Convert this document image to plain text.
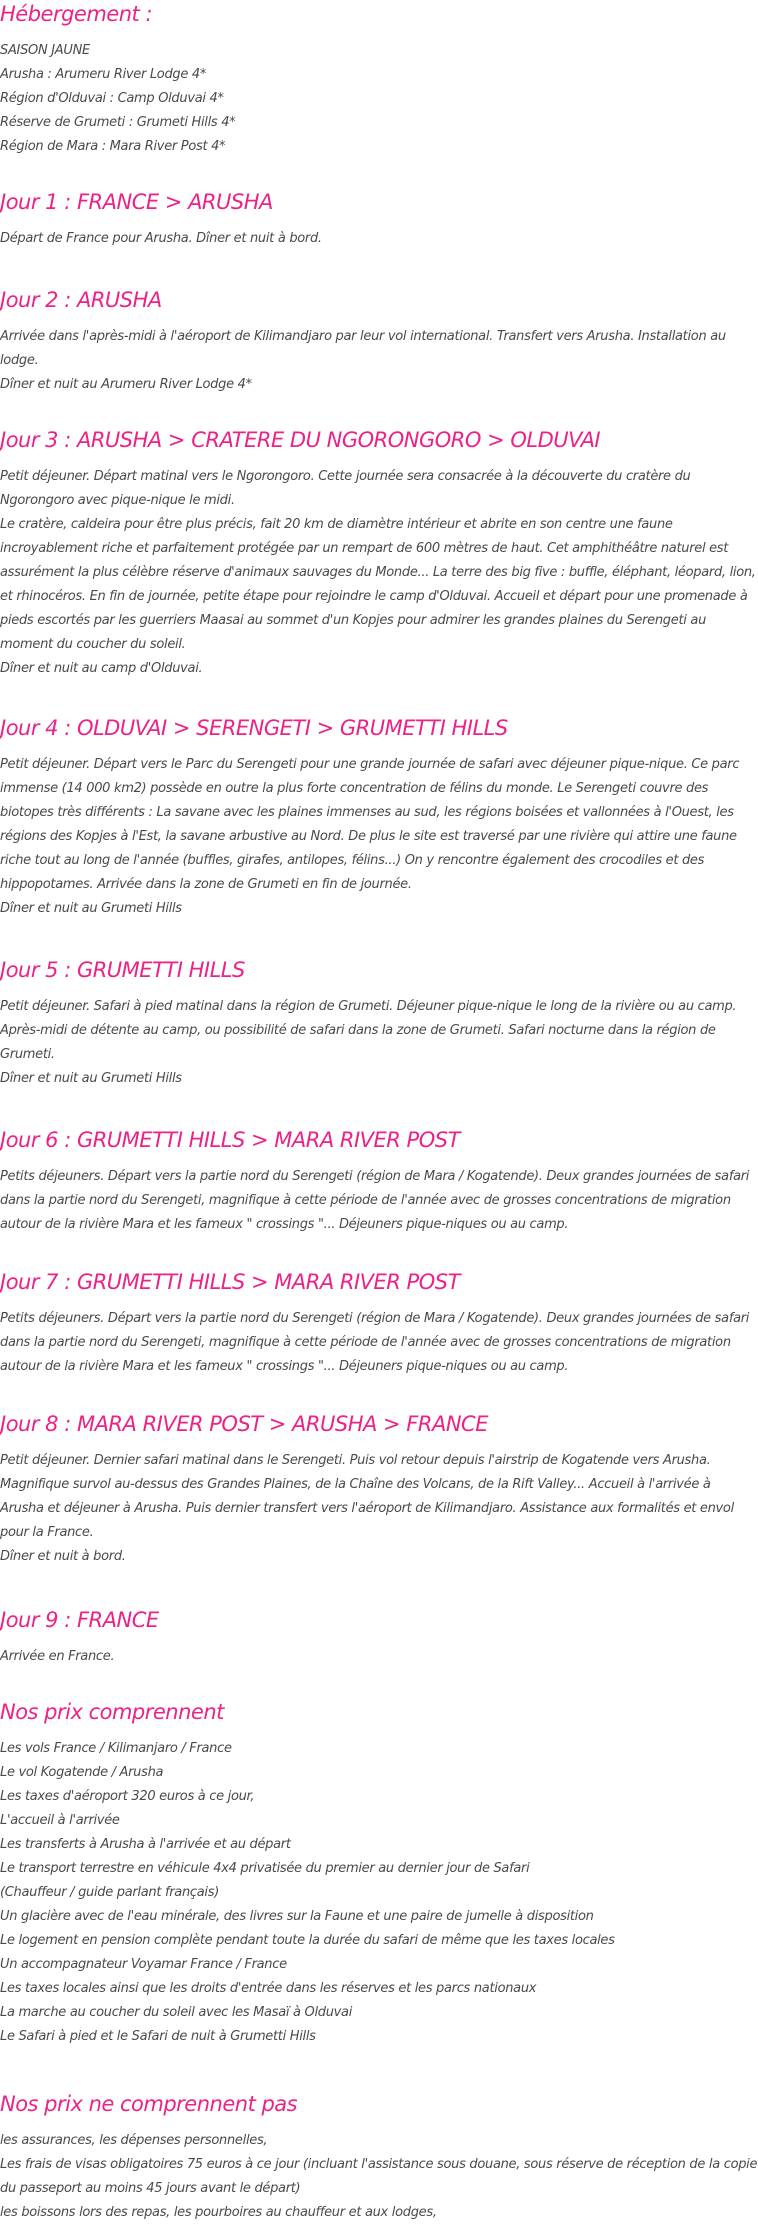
Hébergement :
SAISON JAUNE
Arusha : Arumeru River Lodge 4*
Région d'Olduvai : Camp Olduvai 4*
Réserve de Grumeti : Grumeti Hills 4*
Région de Mara : Mara River Post 4*
Jour 1 : FRANCE > ARUSHA
Départ de France pour Arusha. Dîner et nuit à bord.
Jour 2 : ARUSHA
Arrivée dans l'après-midi à l'aéroport de Kilimandjaro par leur vol international. Transfert vers Arusha. Installation au lodge.
Dîner et nuit au Arumeru River Lodge 4*
Jour 3 : ARUSHA > CRATERE DU NGORONGORO > OLDUVAI
Petit déjeuner. Départ matinal vers le Ngorongoro. Cette journée sera consacrée à la découverte du cratère du Ngorongoro avec pique-nique le midi.
Le cratère, caldeira pour être plus précis, fait 20 km de diamètre intérieur et abrite en son centre une faune incroyablement riche et parfaitement protégée par un rempart de 600 mètres de haut. Cet amphithéâtre naturel est assurément la plus célèbre réserve d'animaux sauvages du Monde... La terre des big five : buffle, éléphant, léopard, lion, et rhinocéros. En fin de journée, petite étape pour rejoindre le camp d'Olduvai. Accueil et départ pour une promenade à pieds escortés par les guerriers Maasai au sommet d'un Kopjes pour admirer les grandes plaines du Serengeti au moment du coucher du soleil.
Dîner et nuit au camp d'Olduvai.
Jour 4 : OLDUVAI > SERENGETI > GRUMETTI HILLS
Petit déjeuner. Départ vers le Parc du Serengeti pour une grande journée de safari avec déjeuner pique-nique. Ce parc immense (14 000 km2) possède en outre la plus forte concentration de félins du monde. Le Serengeti couvre des biotopes très différents : La savane avec les plaines immenses au sud, les régions boisées et vallonnées à l'Ouest, les régions des Kopjes à l'Est, la savane arbustive au Nord. De plus le site est traversé par une rivière qui attire une faune riche tout au long de l'année (buffles, girafes, antilopes, félins...) On y rencontre également des crocodiles et des hippopotames. Arrivée dans la zone de Grumeti en fin de journée.
Dîner et nuit au Grumeti Hills
Jour 5 : GRUMETTI HILLS
Petit déjeuner. Safari à pied matinal dans la région de Grumeti. Déjeuner pique-nique le long de la rivière ou au camp. Après-midi de détente au camp, ou possibilité de safari dans la zone de Grumeti. Safari nocturne dans la région de Grumeti.
Dîner et nuit au Grumeti Hills
Jour 6 : GRUMETTI HILLS > MARA RIVER POST
Petits déjeuners. Départ vers la partie nord du Serengeti (région de Mara / Kogatende). Deux grandes journées de safari dans la partie nord du Serengeti, magnifique à cette période de l'année avec de grosses concentrations de migration autour de la rivière Mara et les fameux " crossings "... Déjeuners pique-niques ou au camp.
Jour 7 : GRUMETTI HILLS > MARA RIVER POST
Petits déjeuners. Départ vers la partie nord du Serengeti (région de Mara / Kogatende). Deux grandes journées de safari dans la partie nord du Serengeti, magnifique à cette période de l'année avec de grosses concentrations de migration autour de la rivière Mara et les fameux " crossings "... Déjeuners pique-niques ou au camp.
Jour 8 : MARA RIVER POST > ARUSHA > FRANCE
Petit déjeuner. Dernier safari matinal dans le Serengeti. Puis vol retour depuis l'airstrip de Kogatende vers Arusha. Magnifique survol au-dessus des Grandes Plaines, de la Chaîne des Volcans, de la Rift Valley... Accueil à l'arrivée à Arusha et déjeuner à Arusha. Puis dernier transfert vers l'aéroport de Kilimandjaro. Assistance aux formalités et envol pour la France.
Dîner et nuit à bord.
Jour 9 : FRANCE
Arrivée en France.
Nos prix comprennent
Les vols France / Kilimanjaro / France
Le vol Kogatende / Arusha
Les taxes d'aéroport 320 euros à ce jour,
L'accueil à l'arrivée
Les transferts à Arusha à l'arrivée et au départ
Le transport terrestre en véhicule 4x4 privatisée du premier au dernier jour de Safari
(Chauffeur / guide parlant français)
Un glacière avec de l'eau minérale, des livres sur la Faune et une paire de jumelle à disposition
Le logement en pension complète pendant toute la durée du safari de même que les taxes locales
Un accompagnateur Voyamar France / France
Les taxes locales ainsi que les droits d'entrée dans les réserves et les parcs nationaux
La marche au coucher du soleil avec les Masaï à Olduvai
Le Safari à pied et le Safari de nuit à Grumetti Hills
Nos prix ne comprennent pas
les assurances, les dépenses personnelles,
Les frais de visas obligatoires 75 euros à ce jour (incluant l'assistance sous douane, sous réserve de réception de la copie du passeport au moins 45 jours avant le départ)
les boissons lors des repas, les pourboires au chauffeur et aux lodges,
